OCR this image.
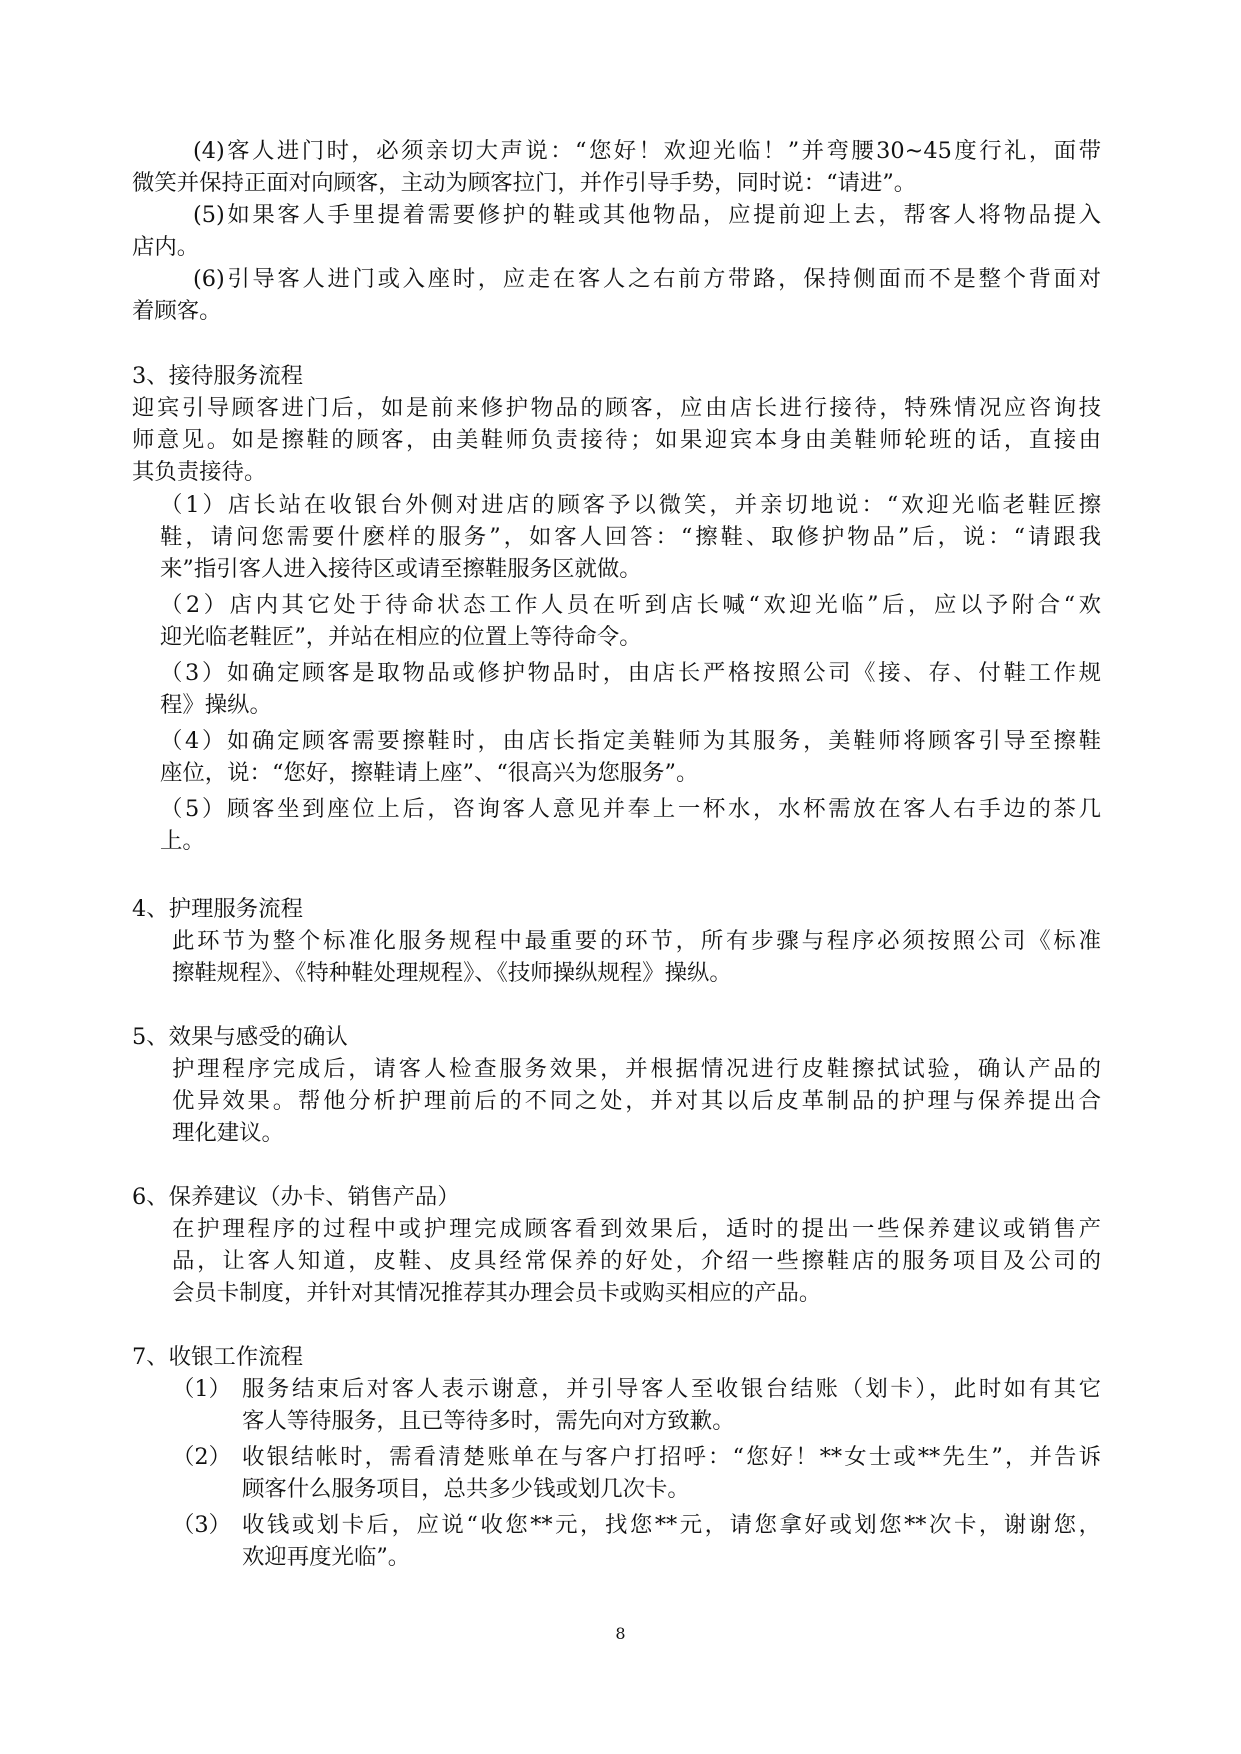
(4)客人进门时，必须亲切大声说：“您好！欢迎光临！”并弯腰30~45度行礼，面带
微笑并保持正面对向顾客，主动为顾客拉门，并作引导手势，同时说：“请进”。
(5)如果客人手里提着需要修护的鞋或其他物品，应提前迎上去，帮客人将物品提入
店内。
(6)引导客人进门或入座时，应走在客人之右前方带路，保持侧面而不是整个背面对
着顾客。
3、接待服务流程
迎宾引导顾客进门后，如是前来修护物品的顾客，应由店长进行接待，特殊情况应咨询技
师意见。如是擦鞋的顾客，由美鞋师负责接待；如果迎宾本身由美鞋师轮班的话，直接由
其负责接待。
（1）店长站在收银台外侧对进店的顾客予以微笑，并亲切地说：“欢迎光临老鞋匠擦
鞋，请问您需要什麽样的服务”，如客人回答：“擦鞋、取修护物品”后，说：“请跟我
来”指引客人进入接待区或请至擦鞋服务区就做。
（2）店内其它处于待命状态工作人员在听到店长喊“欢迎光临”后，应以予附合“欢
迎光临老鞋匠”，并站在相应的位置上等待命令。
（3）如确定顾客是取物品或修护物品时，由店长严格按照公司《接、存、付鞋工作规
程》操纵。
（4）如确定顾客需要擦鞋时，由店长指定美鞋师为其服务，美鞋师将顾客引导至擦鞋
座位，说：“您好，擦鞋请上座”、“很高兴为您服务”。
（5）顾客坐到座位上后，咨询客人意见并奉上一杯水，水杯需放在客人右手边的茶几
上。
4、护理服务流程
此环节为整个标准化服务规程中最重要的环节，所有步骤与程序必须按照公司《标准
擦鞋规程》、《特种鞋处理规程》、《技师操纵规程》操纵。
5、效果与感受的确认
护理程序完成后，请客人检查服务效果，并根据情况进行皮鞋擦拭试验，确认产品的
优异效果。帮他分析护理前后的不同之处，并对其以后皮革制品的护理与保养提出合
理化建议。
6、保养建议（办卡、销售产品）
在护理程序的过程中或护理完成顾客看到效果后，适时的提出一些保养建议或销售产
品，让客人知道，皮鞋、皮具经常保养的好处，介绍一些擦鞋店的服务项目及公司的
会员卡制度，并针对其情况推荐其办理会员卡或购买相应的产品。
7、收银工作流程
（1） 服务结束后对客人表示谢意，并引导客人至收银台结账（划卡），此时如有其它
客人等待服务，且已等待多时，需先向对方致歉。
（2） 收银结帐时，需看清楚账单在与客户打招呼：“您好！**女士或**先生”，并告诉
顾客什么服务项目，总共多少钱或划几次卡。
（3） 收钱或划卡后，应说“收您**元，找您**元，请您拿好或划您**次卡，谢谢您，
欢迎再度光临”。
8
